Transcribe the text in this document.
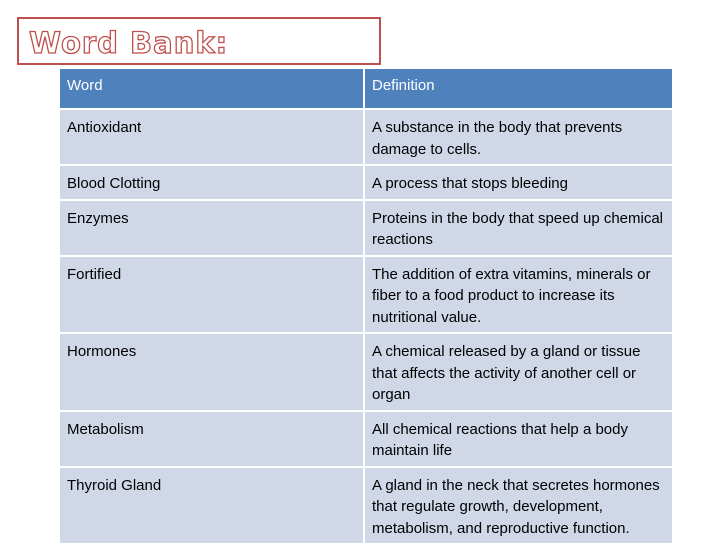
Word Bank:
Word	Definition
Antioxidant	A substance in the body that prevents damage to cells.
Blood Clotting	A process that stops bleeding
Enzymes	Proteins in the body that speed up chemical reactions
Fortified	The addition of extra vitamins, minerals or fiber to a food product to increase its nutritional value.
Hormones	A chemical released by a gland or tissue that affects the activity of another cell or organ
Metabolism	All chemical reactions that help a body maintain life
Thyroid Gland	A gland in the neck that secretes hormones that regulate growth, development, metabolism, and reproductive function.
